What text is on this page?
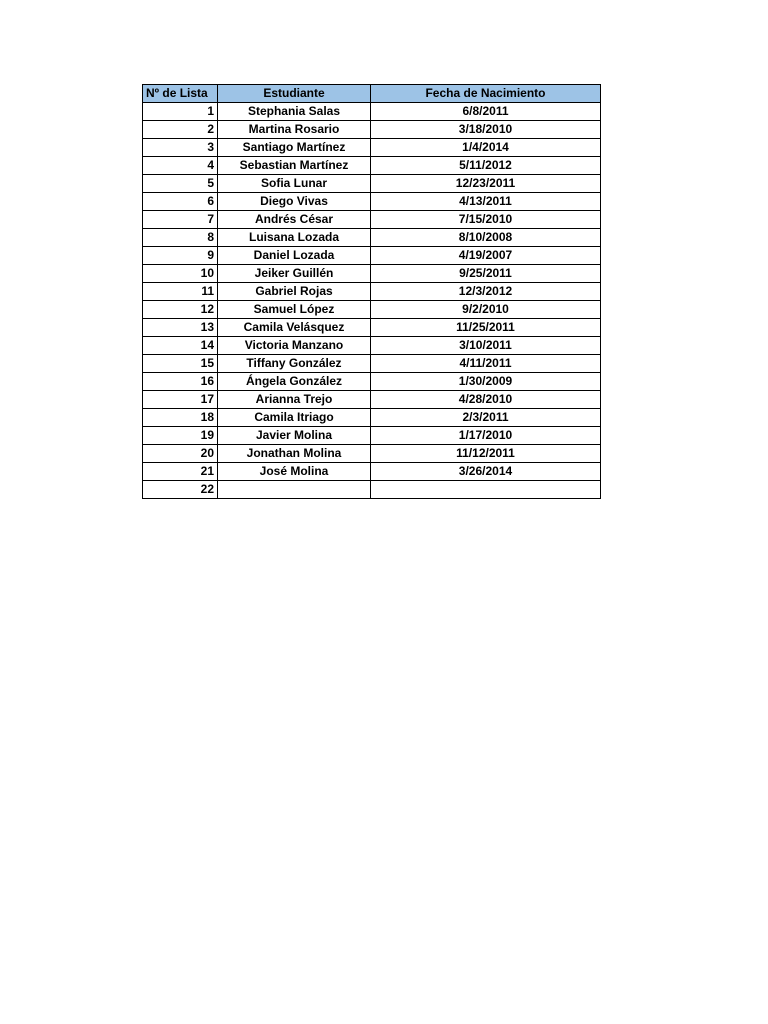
Nº de Lista	Estudiante	Fecha de Nacimiento
1	Stephania Salas	6/8/2011
2	Martina Rosario	3/18/2010
3	Santiago Martínez	1/4/2014
4	Sebastian Martínez	5/11/2012
5	Sofia Lunar	12/23/2011
6	Diego Vivas	4/13/2011
7	Andrés César	7/15/2010
8	Luisana Lozada	8/10/2008
9	Daniel Lozada	4/19/2007
10	Jeiker Guillén	9/25/2011
11	Gabriel Rojas	12/3/2012
12	Samuel López	9/2/2010
13	Camila Velásquez	11/25/2011
14	Victoria Manzano	3/10/2011
15	Tiffany González	4/11/2011
16	Ángela González	1/30/2009
17	Arianna Trejo	4/28/2010
18	Camila Itriago	2/3/2011
19	Javier Molina	1/17/2010
20	Jonathan Molina	11/12/2011
21	José Molina	3/26/2014
22		
